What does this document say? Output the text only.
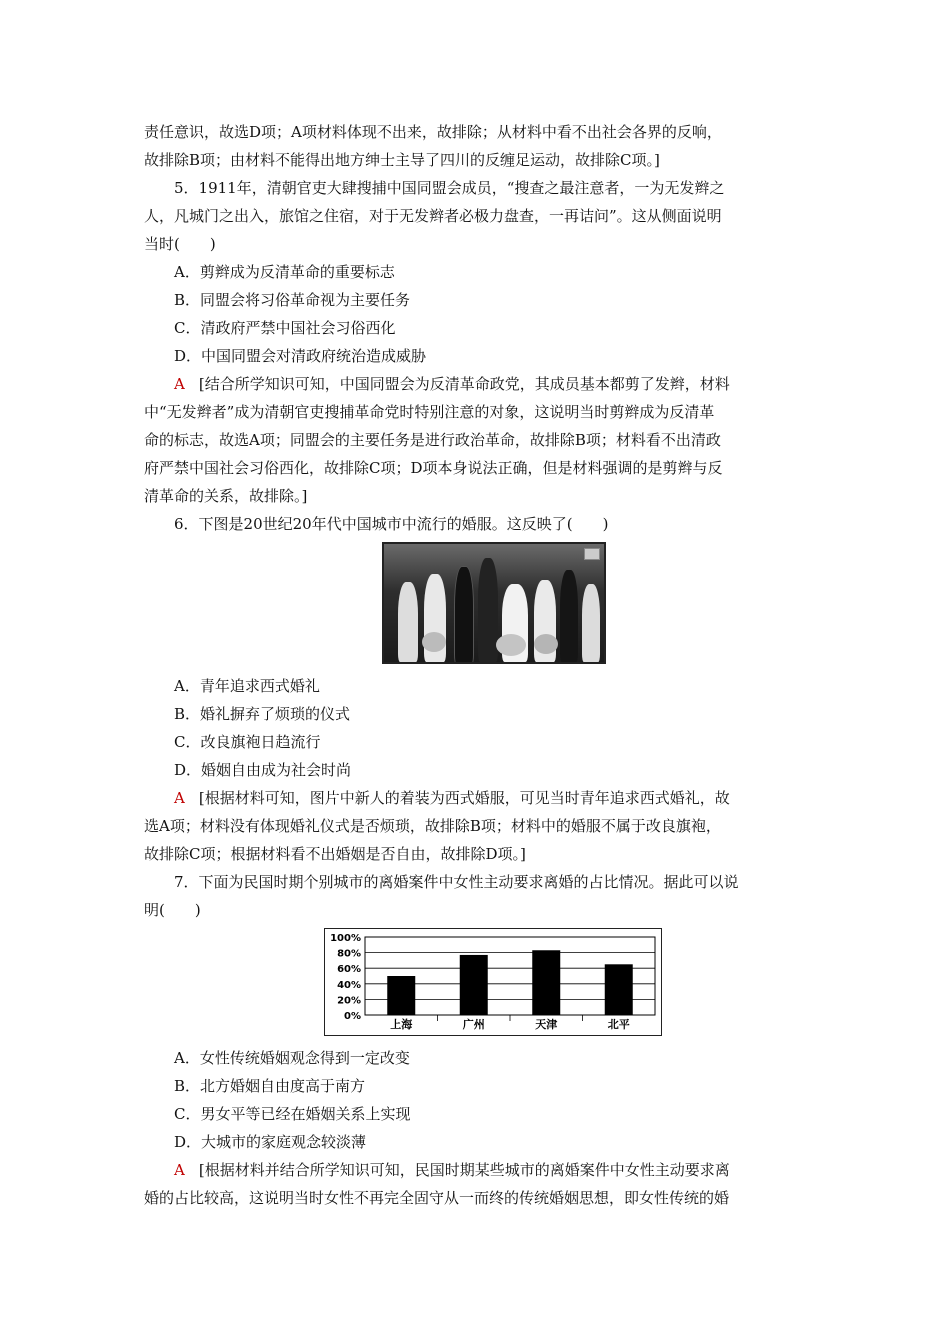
责任意识，故选D项；A项材料体现不出来，故排除；从材料中看不出社会各界的反响，
故排除B项；由材料不能得出地方绅士主导了四川的反缠足运动，故排除C项。]
5．1911年，清朝官吏大肆搜捕中国同盟会成员，“搜查之最注意者，一为无发辫之
人，凡城门之出入，旅馆之住宿，对于无发辫者必极力盘查，一再诘问”。这从侧面说明
当时(　　)
A．剪辫成为反清革命的重要标志
B．同盟会将习俗革命视为主要任务
C．清政府严禁中国社会习俗西化
D．中国同盟会对清政府统治造成威胁
A [结合所学知识可知，中国同盟会为反清革命政党，其成员基本都剪了发辫，材料
中“无发辫者”成为清朝官吏搜捕革命党时特别注意的对象，这说明当时剪辫成为反清革
命的标志，故选A项；同盟会的主要任务是进行政治革命，故排除B项；材料看不出清政
府严禁中国社会习俗西化，故排除C项；D项本身说法正确，但是材料强调的是剪辫与反
清革命的关系，故排除。]
6．下图是20世纪20年代中国城市中流行的婚服。这反映了(　　)
A．青年追求西式婚礼
B．婚礼摒弃了烦琐的仪式
C．改良旗袍日趋流行
D．婚姻自由成为社会时尚
A [根据材料可知，图片中新人的着装为西式婚服，可见当时青年追求西式婚礼，故
选A项；材料没有体现婚礼仪式是否烦琐，故排除B项；材料中的婚服不属于改良旗袍，
故排除C项；根据材料看不出婚姻是否自由，故排除D项。]
7．下面为民国时期个别城市的离婚案件中女性主动要求离婚的占比情况。据此可以说
明(　　)
0%
20%
40%
60%
80%
100%
上海	广州	天津	北平
A．女性传统婚姻观念得到一定改变
B．北方婚姻自由度高于南方
C．男女平等已经在婚姻关系上实现
D．大城市的家庭观念较淡薄
A [根据材料并结合所学知识可知，民国时期某些城市的离婚案件中女性主动要求离
婚的占比较高，这说明当时女性不再完全固守从一而终的传统婚姻思想，即女性传统的婚
